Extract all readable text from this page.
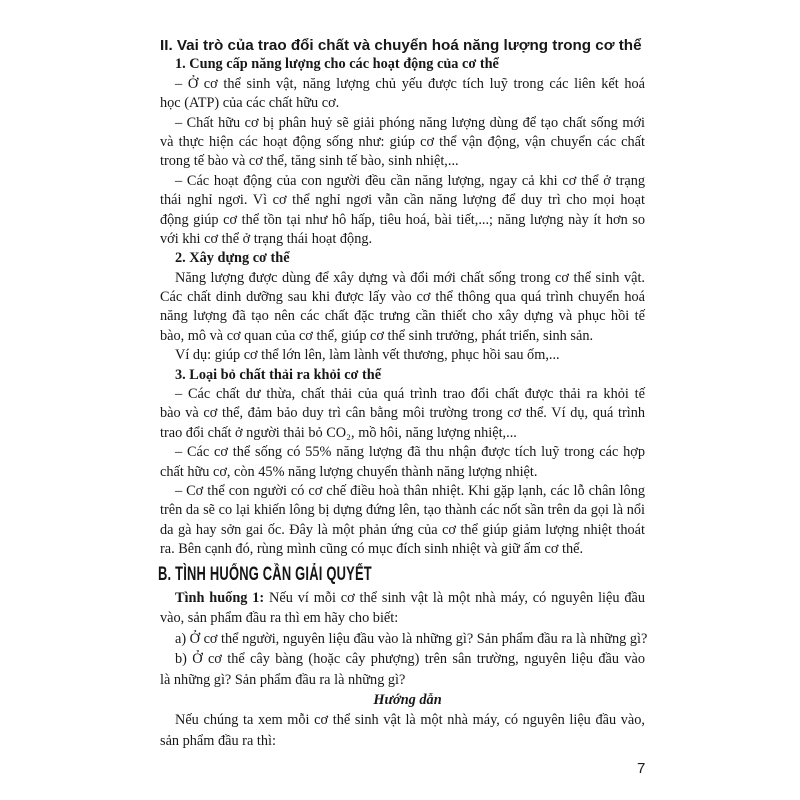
II. Vai trò của trao đổi chất và chuyển hoá năng lượng trong cơ thể
1. Cung cấp năng lượng cho các hoạt động của cơ thể
– Ở cơ thể sinh vật, năng lượng chủ yếu được tích luỹ trong các liên kết hoá
học (ATP) của các chất hữu cơ.
– Chất hữu cơ bị phân huỷ sẽ giải phóng năng lượng dùng để tạo chất sống mới
và thực hiện các hoạt động sống như: giúp cơ thể vận động, vận chuyển các chất
trong tế bào và cơ thể, tăng sinh tế bào, sinh nhiệt,...
– Các hoạt động của con người đều cần năng lượng, ngay cả khi cơ thể ở trạng
thái nghỉ ngơi. Vì cơ thể nghỉ ngơi vẫn cần năng lượng để duy trì cho mọi hoạt
động giúp cơ thể tồn tại như hô hấp, tiêu hoá, bài tiết,...; năng lượng này ít hơn so
với khi cơ thể ở trạng thái hoạt động.
2. Xây dựng cơ thể
Năng lượng được dùng để xây dựng và đổi mới chất sống trong cơ thể sinh vật.
Các chất dinh dưỡng sau khi được lấy vào cơ thể thông qua quá trình chuyển hoá
năng lượng đã tạo nên các chất đặc trưng cần thiết cho xây dựng và phục hồi tế
bào, mô và cơ quan của cơ thể, giúp cơ thể sinh trưởng, phát triển, sinh sản.
Ví dụ: giúp cơ thể lớn lên, làm lành vết thương, phục hồi sau ốm,...
3. Loại bỏ chất thải ra khỏi cơ thể
– Các chất dư thừa, chất thải của quá trình trao đổi chất được thải ra khỏi tế
bào và cơ thể, đảm bảo duy trì cân bằng môi trường trong cơ thể. Ví dụ, quá trình
trao đổi chất ở người thải bỏ CO₂, mồ hôi, năng lượng nhiệt,...
– Các cơ thể sống có 55% năng lượng đã thu nhận được tích luỹ trong các hợp
chất hữu cơ, còn 45% năng lượng chuyển thành năng lượng nhiệt.
– Cơ thể con người có cơ chế điều hoà thân nhiệt. Khi gặp lạnh, các lỗ chân lông
trên da sẽ co lại khiến lông bị dựng đứng lên, tạo thành các nốt sần trên da gọi là nổi
da gà hay sởn gai ốc. Đây là một phản ứng của cơ thể giúp giảm lượng nhiệt thoát
ra. Bên cạnh đó, rùng mình cũng có mục đích sinh nhiệt và giữ ấm cơ thể.
B. TÌNH HUỐNG CẦN GIẢI QUYẾT
Tình huống 1: Nếu ví mỗi cơ thể sinh vật là một nhà máy, có nguyên liệu đầu
vào, sản phẩm đầu ra thì em hãy cho biết:
a) Ở cơ thể người, nguyên liệu đầu vào là những gì? Sản phẩm đầu ra là những gì?
b) Ở cơ thể cây bàng (hoặc cây phượng) trên sân trường, nguyên liệu đầu vào
là những gì? Sản phẩm đầu ra là những gì?
Hướng dẫn
Nếu chúng ta xem mỗi cơ thể sinh vật là một nhà máy, có nguyên liệu đầu vào,
sản phẩm đầu ra thì:
7
